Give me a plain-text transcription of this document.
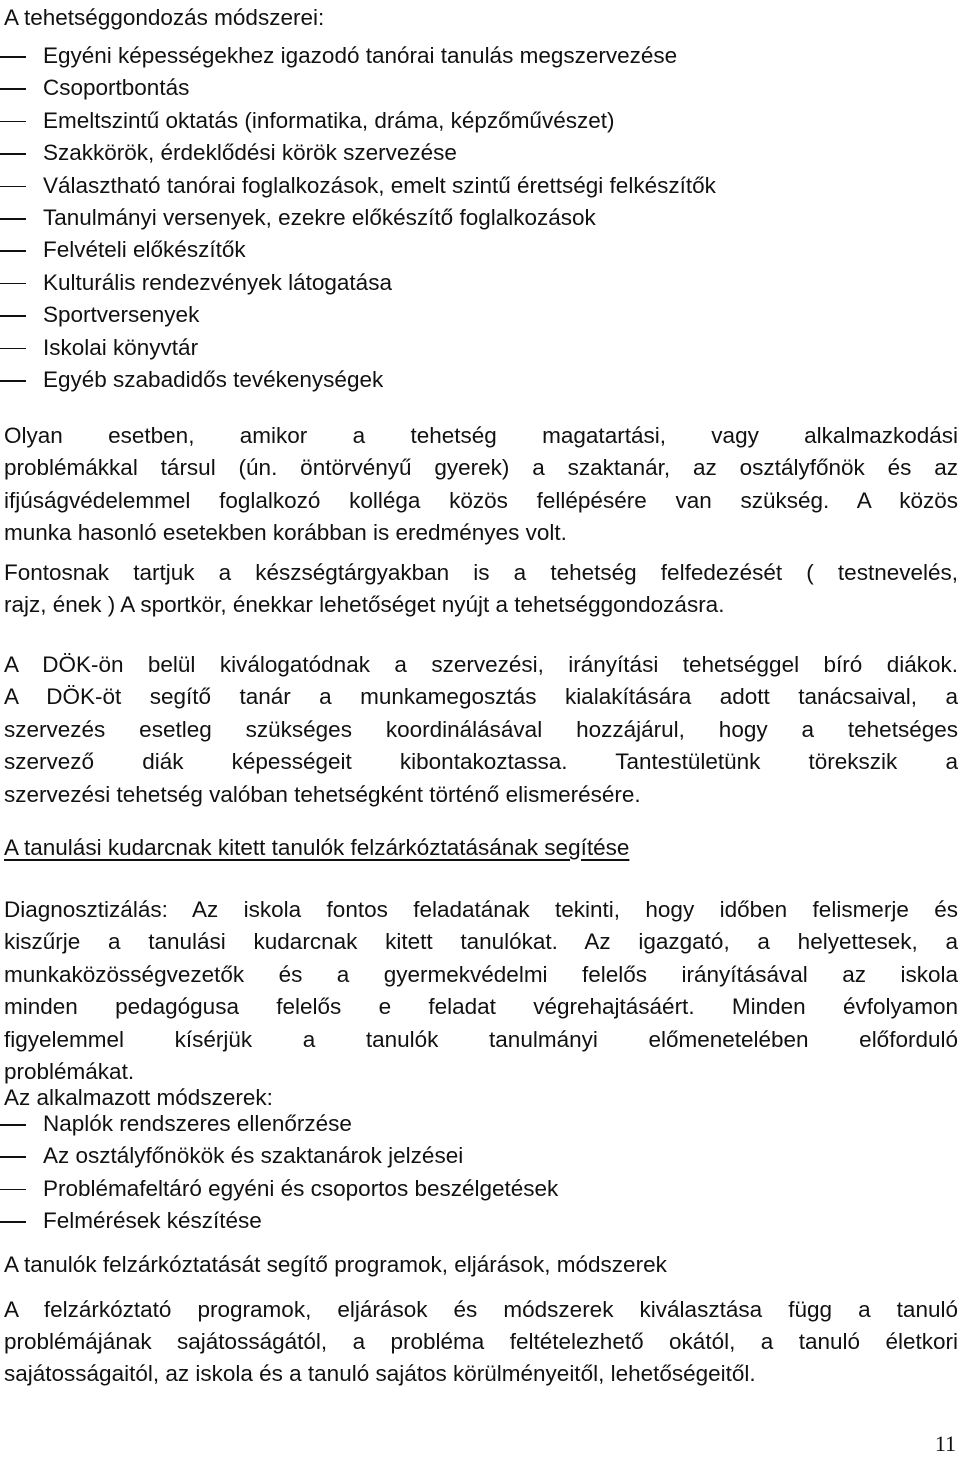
A tehetséggondozás módszerei:

Egyéni képességekhez igazodó tanórai tanulás megszervezése
Csoportbontás
Emeltszintű oktatás (informatika, dráma, képzőművészet)
Szakkörök, érdeklődési körök szervezése
Választható tanórai foglalkozások, emelt szintű érettségi felkészítők
Tanulmányi versenyek, ezekre előkészítő foglalkozások
Felvételi előkészítők
Kulturális rendezvények látogatása
Sportversenyek
Iskolai könyvtár
Egyéb szabadidős tevékenységek

Olyan esetben, amikor a tehetség magatartási, vagy alkalmazkodási
problémákkal társul (ún. öntörvényű gyerek) a szaktanár, az osztályfőnök és az
ifjúságvédelemmel foglalkozó kolléga közös fellépésére van szükség. A közös

munka hasonló esetekben korábban is eredményes volt.

Fontosnak tartjuk a készségtárgyakban is a tehetség felfedezését ( testnevelés,

rajz, ének ) A sportkör, énekkar lehetőséget nyújt a tehetséggondozásra.

A DÖK-ön belül kiválogatódnak a szervezési, irányítási tehetséggel bíró diákok.
A DÖK-öt segítő tanár a munkamegosztás kialakítására adott tanácsaival, a
szervezés esetleg szükséges koordinálásával hozzájárul, hogy a tehetséges
szervező diák képességeit kibontakoztassa. Tantestületünk törekszik a

szervezési tehetség valóban tehetségként történő elismerésére.

A tanulási kudarcnak kitett tanulók felzárkóztatásának segítése

Diagnosztizálás: Az iskola fontos feladatának tekinti, hogy időben felismerje és
kiszűrje a tanulási kudarcnak kitett tanulókat. Az igazgató, a helyettesek, a
munkaközösségvezetők és a gyermekvédelmi felelős irányításával az iskola
minden pedagógusa felelős e feladat végrehajtásáért. Minden évfolyamon
figyelemmel kísérjük a tanulók tanulmányi előmenetelében előforduló

problémákat.

Az alkalmazott módszerek:

Naplók rendszeres ellenőrzése
Az osztályfőnökök és szaktanárok jelzései
Problémafeltáró egyéni és csoportos beszélgetések
Felmérések készítése

A tanulók felzárkóztatását segítő programok, eljárások, módszerek

A felzárkóztató programok, eljárások és módszerek kiválasztása függ a tanuló
problémájának sajátosságától, a probléma feltételezhető okától, a tanuló életkori

sajátosságaitól, az iskola és a tanuló sajátos körülményeitől, lehetőségeitől.

11
